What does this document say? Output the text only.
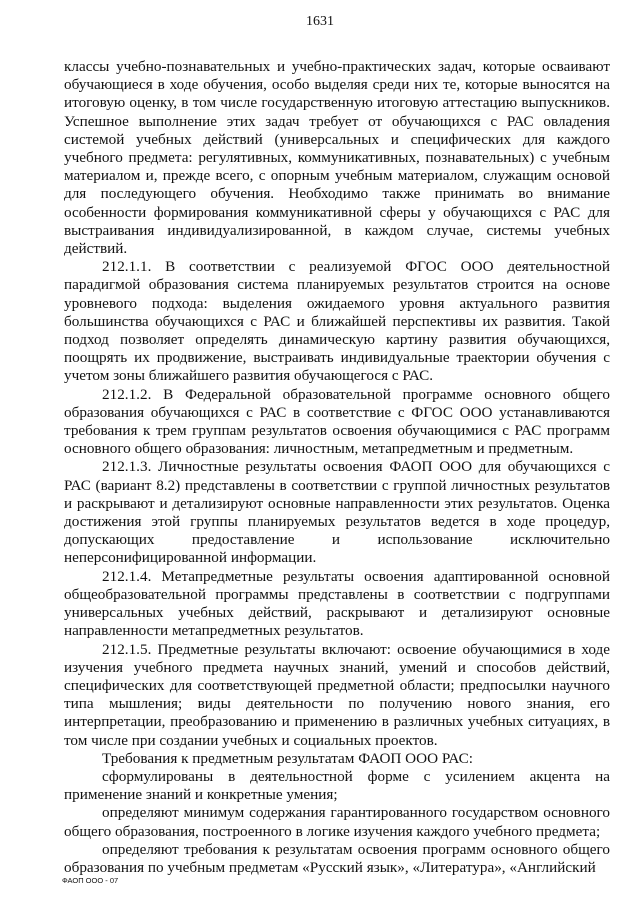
1631

классы учебно-познавательных и учебно-практических задач, которые осваивают обучающиеся в ходе обучения, особо выделяя среди них те, которые выносятся на итоговую оценку, в том числе государственную итоговую аттестацию выпускников. Успешное выполнение этих задач требует от обучающихся с РАС овладения системой учебных действий (универсальных и специфических для каждого учебного предмета: регулятивных, коммуникативных, познавательных) с учебным материалом и, прежде всего, с опорным учебным материалом, служащим основой для последующего обучения. Необходимо также принимать во внимание особенности формирования коммуникативной сферы у обучающихся с РАС для выстраивания индивидуализированной, в каждом случае, системы учебных действий.

212.1.1. В соответствии с реализуемой ФГОС ООО деятельностной парадигмой образования система планируемых результатов строится на основе уровневого подхода: выделения ожидаемого уровня актуального развития большинства обучающихся с РАС и ближайшей перспективы их развития. Такой подход позволяет определять динамическую картину развития обучающихся, поощрять их продвижение, выстраивать индивидуальные траектории обучения с учетом зоны ближайшего развития обучающегося с РАС.

212.1.2. В Федеральной образовательной программе основного общего образования обучающихся с РАС в соответствие с ФГОС ООО устанавливаются требования к трем группам результатов освоения обучающимися с РАС программ основного общего образования: личностным, метапредметным и предметным.

212.1.3. Личностные результаты освоения ФАОП ООО для обучающихся с РАС (вариант 8.2) представлены в соответствии с группой личностных результатов и раскрывают и детализируют основные направленности этих результатов. Оценка достижения этой группы планируемых результатов ведется в ходе процедур, допускающих предоставление и использование исключительно неперсонифицированной информации.

212.1.4. Метапредметные результаты освоения адаптированной основной общеобразовательной программы представлены в соответствии с подгруппами универсальных учебных действий, раскрывают и детализируют основные направленности метапредметных результатов.

212.1.5. Предметные результаты включают: освоение обучающимися в ходе изучения учебного предмета научных знаний, умений и способов действий, специфических для соответствующей предметной области; предпосылки научного типа мышления; виды деятельности по получению нового знания, его интерпретации, преобразованию и применению в различных учебных ситуациях, в том числе при создании учебных и социальных проектов.

Требования к предметным результатам ФАОП ООО РАС:

сформулированы в деятельностной форме с усилением акцента на применение знаний и конкретные умения;

определяют минимум содержания гарантированного государством основного общего образования, построенного в логике изучения каждого учебного предмета;

определяют требования к результатам освоения программ основного общего образования по учебным предметам «Русский язык», «Литература», «Английский

ФАОП ООО - 07
